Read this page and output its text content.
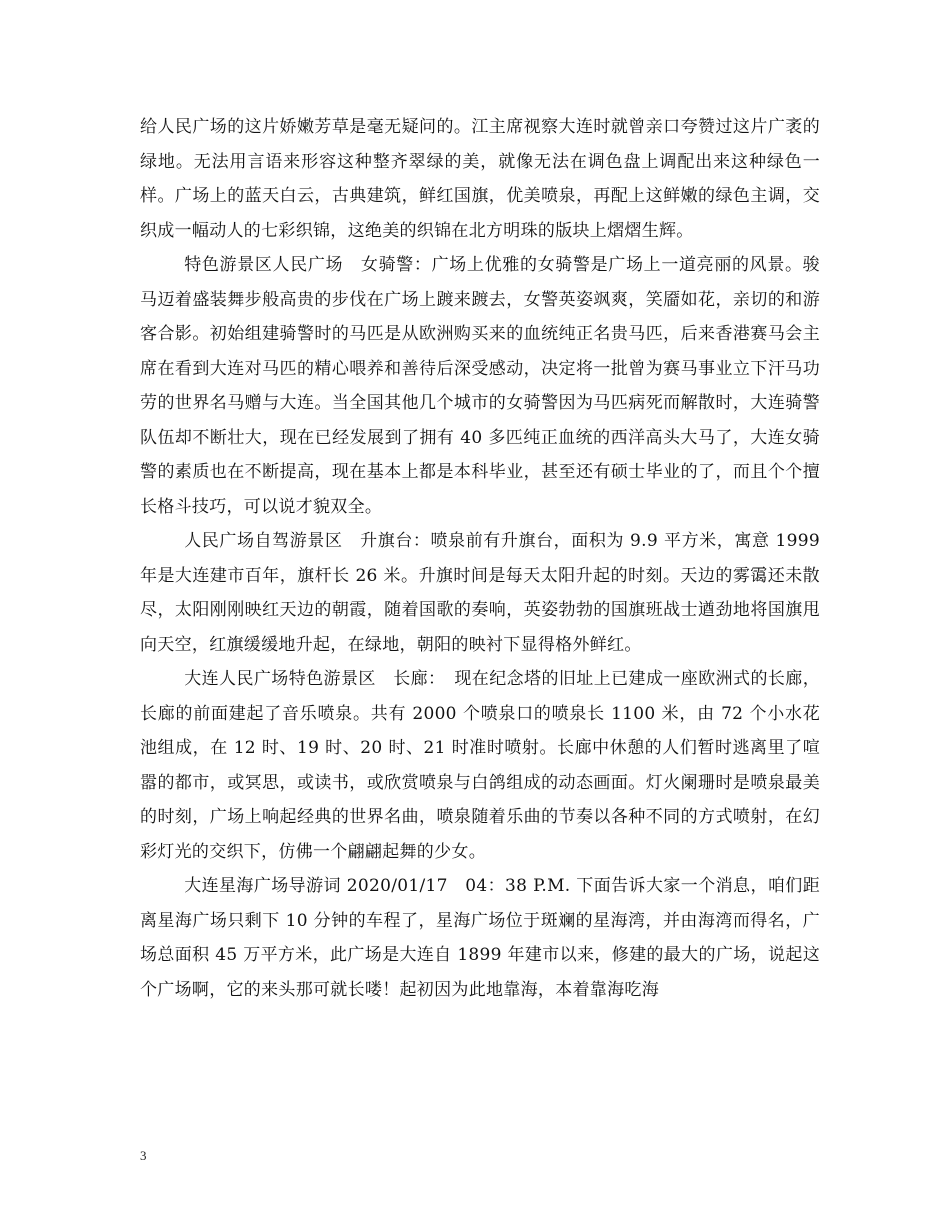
给人民广场的这片娇嫩芳草是毫无疑问的。江主席视察大连时就曾亲口夸赞过这片广袤的绿地。无法用言语来形容这种整齐翠绿的美，就像无法在调色盘上调配出来这种绿色一样。广场上的蓝天白云，古典建筑，鲜红国旗，优美喷泉，再配上这鲜嫩的绿色主调，交织成一幅动人的七彩织锦，这绝美的织锦在北方明珠的版块上熠熠生辉。

特色游景区人民广场　女骑警：广场上优雅的女骑警是广场上一道亮丽的风景。骏马迈着盛装舞步般高贵的步伐在广场上踱来踱去，女警英姿飒爽，笑靥如花，亲切的和游客合影。初始组建骑警时的马匹是从欧洲购买来的血统纯正名贵马匹，后来香港赛马会主席在看到大连对马匹的精心喂养和善待后深受感动，决定将一批曾为赛马事业立下汗马功劳的世界名马赠与大连。当全国其他几个城市的女骑警因为马匹病死而解散时，大连骑警队伍却不断壮大，现在已经发展到了拥有 40 多匹纯正血统的西洋高头大马了，大连女骑警的素质也在不断提高，现在基本上都是本科毕业，甚至还有硕士毕业的了，而且个个擅长格斗技巧，可以说才貌双全。

人民广场自驾游景区　升旗台：喷泉前有升旗台，面积为 9.9 平方米，寓意 1999 年是大连建市百年，旗杆长 26 米。升旗时间是每天太阳升起的时刻。天边的雾霭还未散尽，太阳刚刚映红天边的朝霞，随着国歌的奏响，英姿勃勃的国旗班战士遒劲地将国旗甩向天空，红旗缓缓地升起，在绿地，朝阳的映衬下显得格外鲜红。

大连人民广场特色游景区　长廊：　现在纪念塔的旧址上已建成一座欧洲式的长廊，长廊的前面建起了音乐喷泉。共有 2000 个喷泉口的喷泉长 1100 米，由 72 个小水花池组成，在 12 时、19 时、20 时、21 时准时喷射。长廊中休憩的人们暂时逃离里了喧嚣的都市，或冥思，或读书，或欣赏喷泉与白鸽组成的动态画面。灯火阑珊时是喷泉最美的时刻，广场上响起经典的世界名曲，喷泉随着乐曲的节奏以各种不同的方式喷射，在幻彩灯光的交织下，仿佛一个翩翩起舞的少女。

大连星海广场导游词 2020/01/17　04：38 P.M. 下面告诉大家一个消息，咱们距离星海广场只剩下 10 分钟的车程了，星海广场位于斑斓的星海湾，并由海湾而得名，广场总面积 45 万平方米，此广场是大连自 1899 年建市以来，修建的最大的广场，说起这个广场啊，它的来头那可就长喽！起初因为此地靠海，本着靠海吃海

3
